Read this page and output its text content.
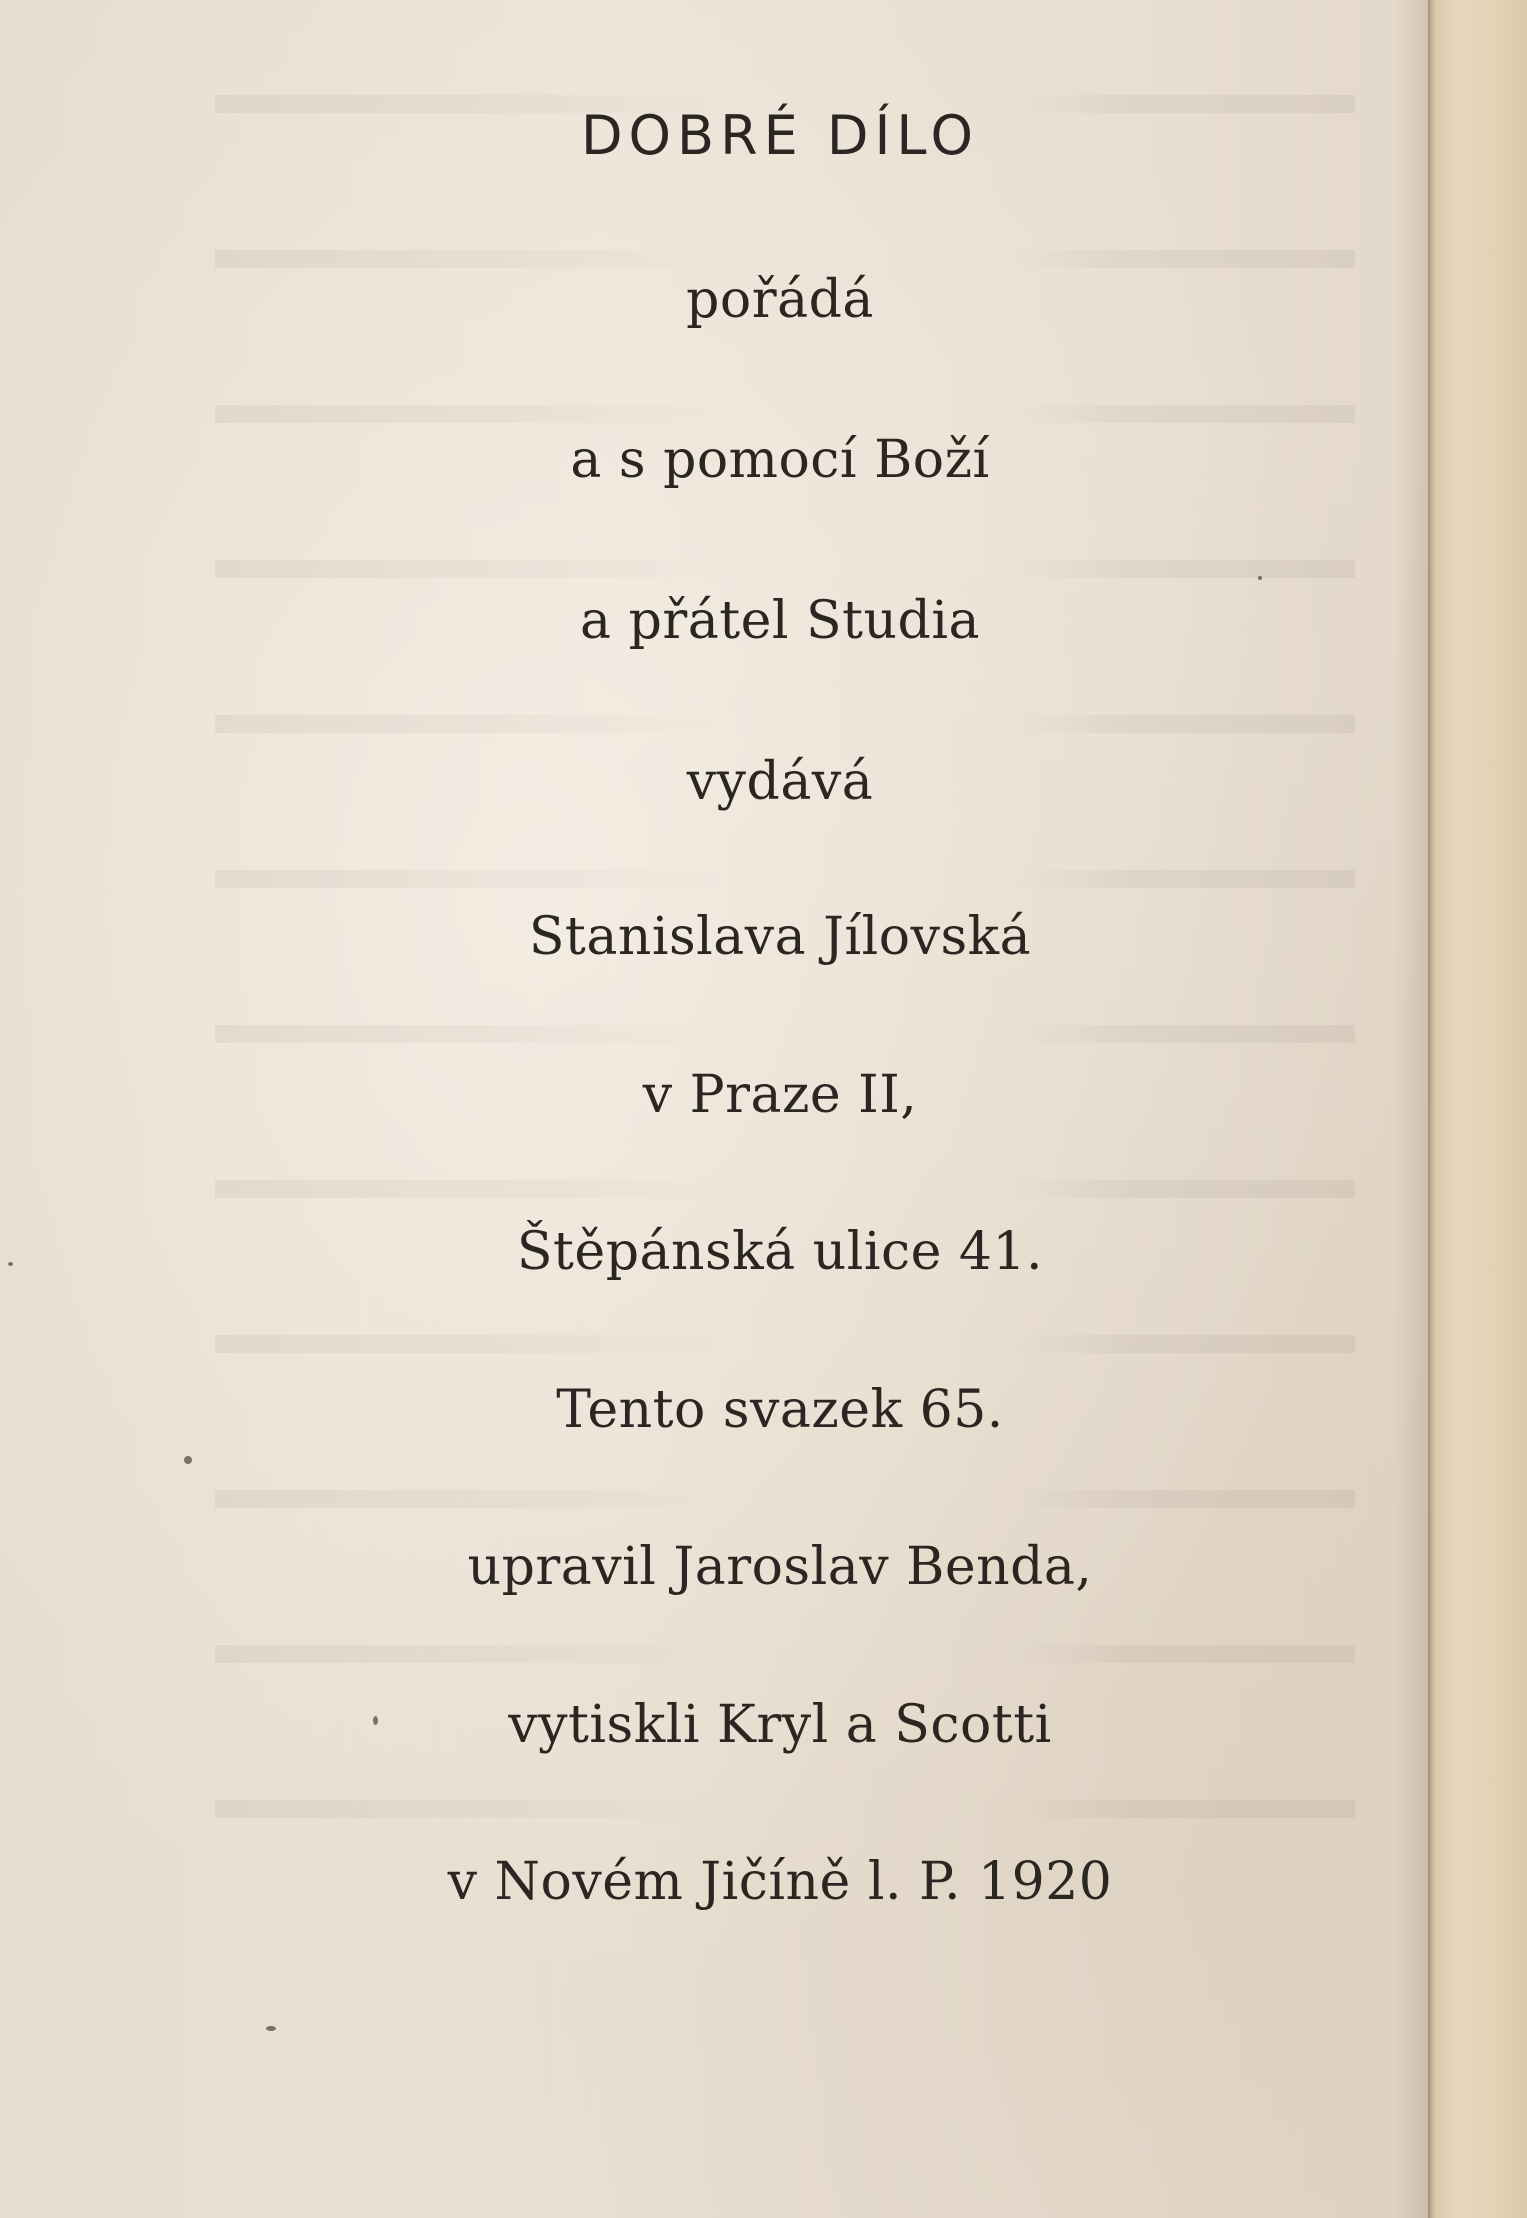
DOBRÉ DÍLO
pořádá
a s pomocí Boží
a přátel Studia
vydává
Stanislava Jílovská
v Praze II,
Štěpánská ulice 41.
Tento svazek 65.
upravil Jaroslav Benda,
vytiskli Kryl a Scotti
v Novém Jičíně l. P. 1920
